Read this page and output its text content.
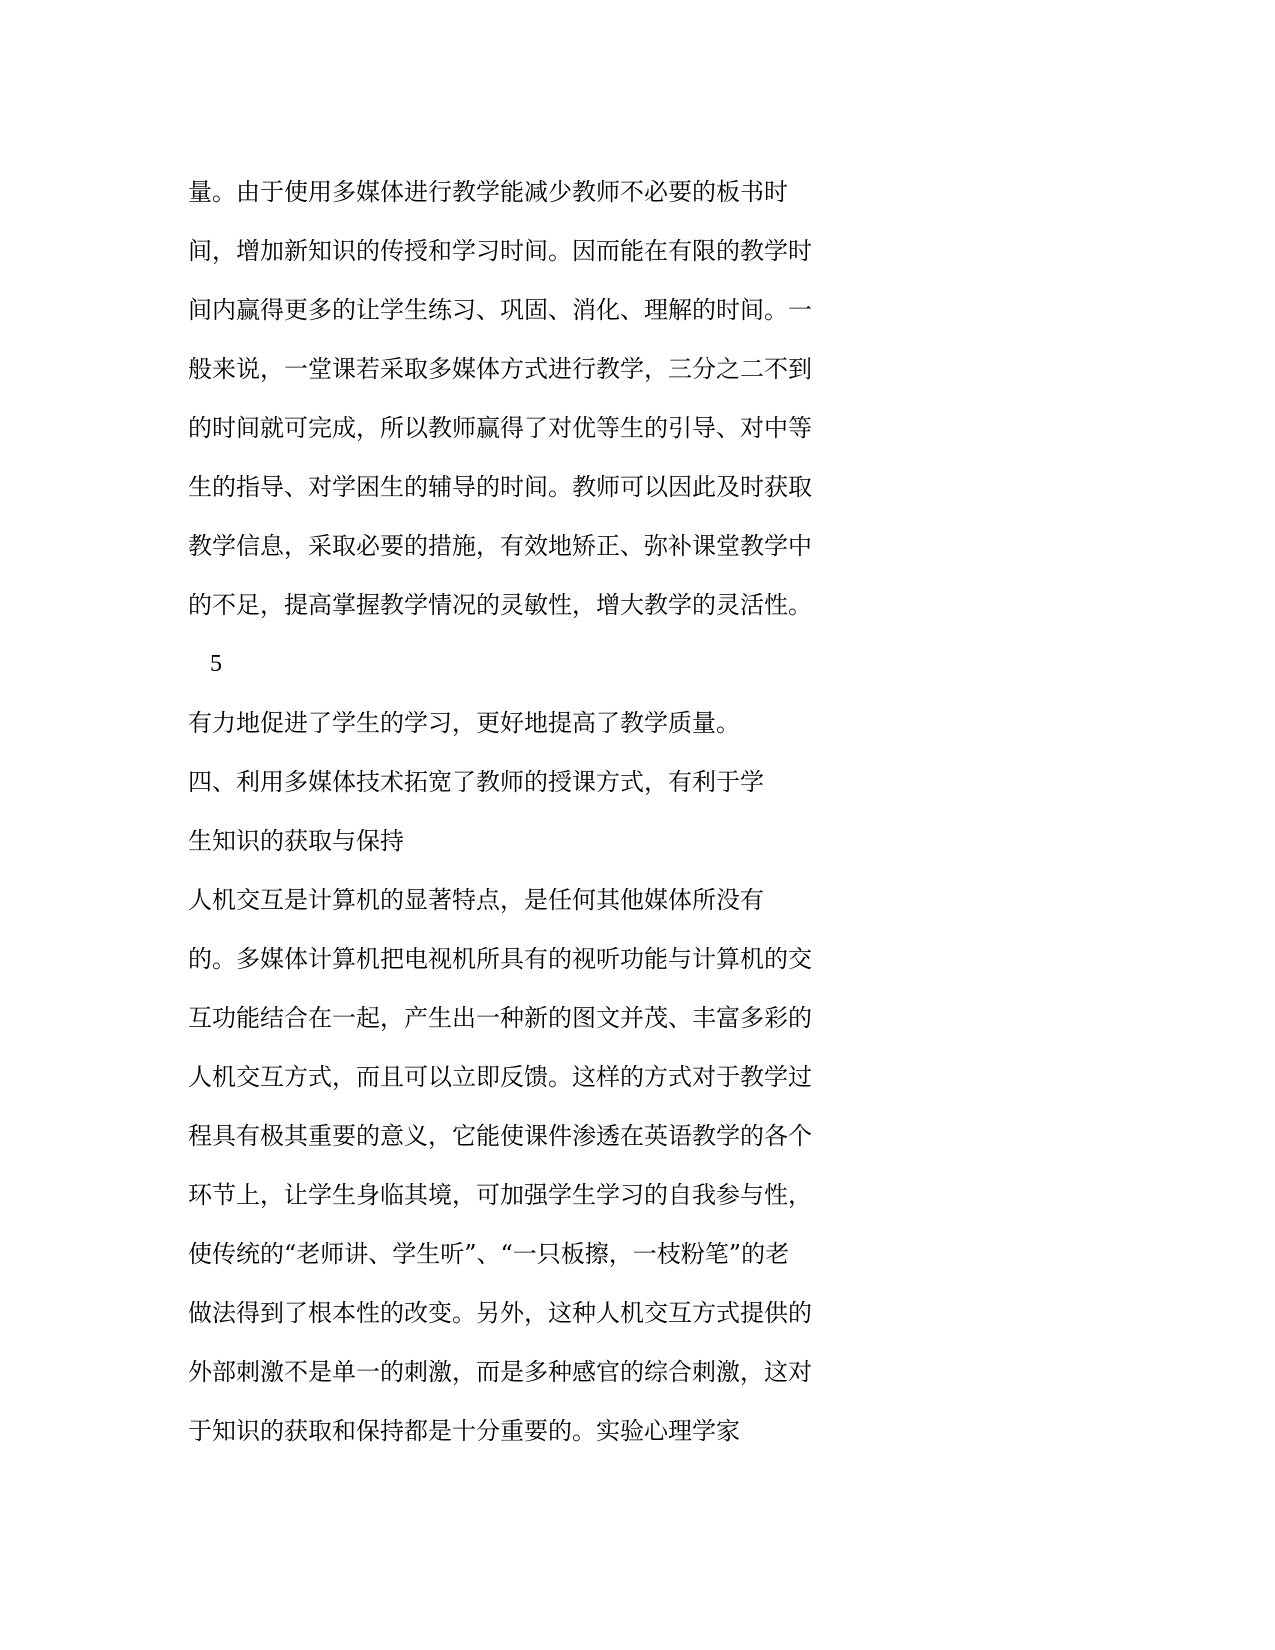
量。由于使用多媒体进行教学能减少教师不必要的板书时

间，增加新知识的传授和学习时间。因而能在有限的教学时

间内赢得更多的让学生练习、巩固、消化、理解的时间。一

般来说，一堂课若采取多媒体方式进行教学，三分之二不到

的时间就可完成，所以教师赢得了对优等生的引导、对中等

生的指导、对学困生的辅导的时间。教师可以因此及时获取

教学信息，采取必要的措施，有效地矫正、弥补课堂教学中

的不足，提高掌握教学情况的灵敏性，增大教学的灵活性。

5

有力地促进了学生的学习，更好地提高了教学质量。

四、利用多媒体技术拓宽了教师的授课方式，有利于学

生知识的获取与保持

人机交互是计算机的显著特点，是任何其他媒体所没有

的。多媒体计算机把电视机所具有的视听功能与计算机的交

互功能结合在一起，产生出一种新的图文并茂、丰富多彩的

人机交互方式，而且可以立即反馈。这样的方式对于教学过

程具有极其重要的意义，它能使课件渗透在英语教学的各个

环节上，让学生身临其境，可加强学生学习的自我参与性，

使传统的“老师讲、学生听”、“一只板擦，一枝粉笔”的老

做法得到了根本性的改变。另外，这种人机交互方式提供的

外部刺激不是单一的刺激，而是多种感官的综合刺激，这对

于知识的获取和保持都是十分重要的。实验心理学家
